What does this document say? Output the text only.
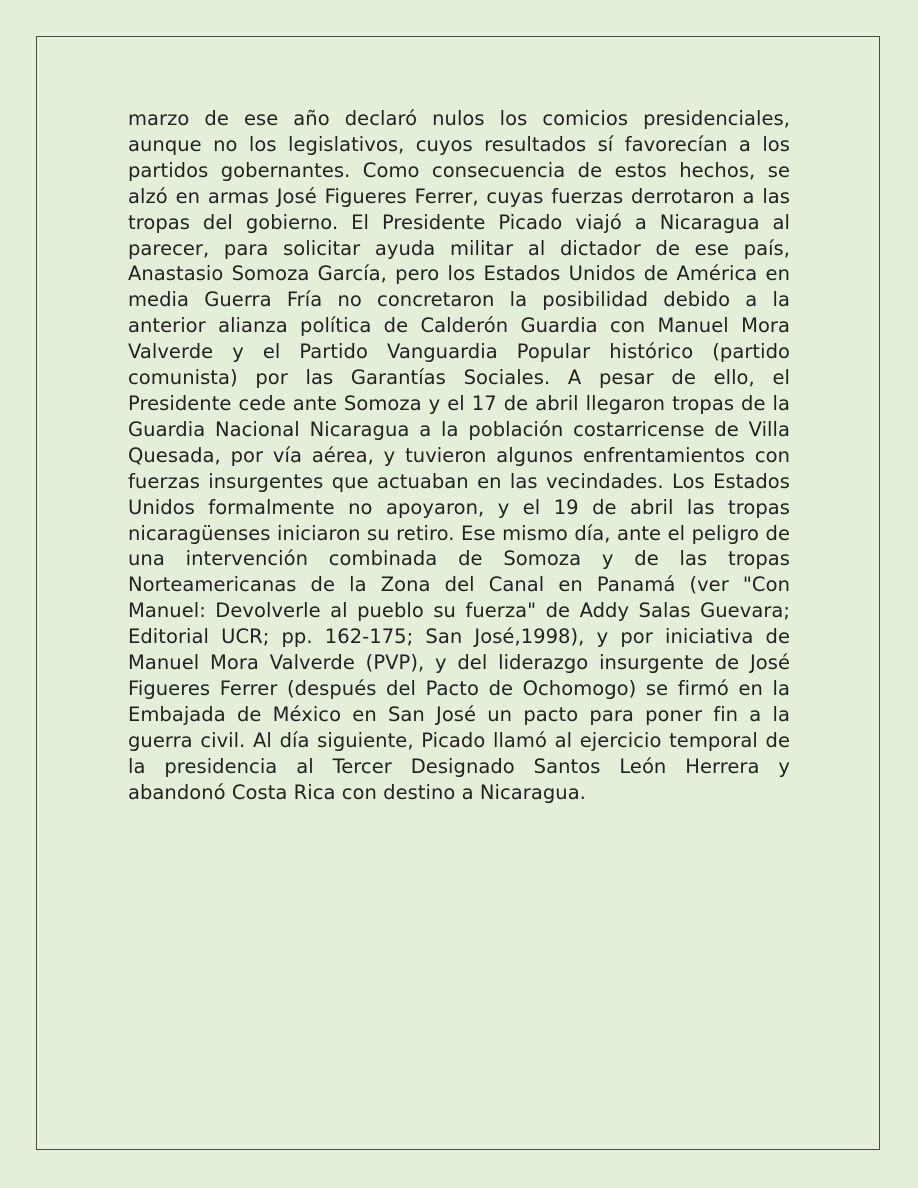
marzo de ese año declaró nulos los comicios presidenciales, aunque no los legislativos, cuyos resultados sí favorecían a los partidos gobernantes. Como consecuencia de estos hechos, se alzó en armas José Figueres Ferrer, cuyas fuerzas derrotaron a las tropas del gobierno. El Presidente Picado viajó a Nicaragua al parecer, para solicitar ayuda militar al dictador de ese país, Anastasio Somoza García, pero los Estados Unidos de América en media Guerra Fría no concretaron la posibilidad debido a la anterior alianza política de Calderón Guardia con Manuel Mora Valverde y el Partido Vanguardia Popular histórico (partido comunista) por las Garantías Sociales. A pesar de ello, el Presidente cede ante Somoza y el 17 de abril llegaron tropas de la Guardia Nacional Nicaragua a la población costarricense de Villa Quesada, por vía aérea, y tuvieron algunos enfrentamientos con fuerzas insurgentes que actuaban en las vecindades. Los Estados Unidos formalmente no apoyaron, y el 19 de abril las tropas nicaragüenses iniciaron su retiro. Ese mismo día, ante el peligro de una intervención combinada de Somoza y de las tropas Norteamericanas de la Zona del Canal en Panamá (ver "Con Manuel: Devolverle al pueblo su fuerza" de Addy Salas Guevara; Editorial UCR; pp. 162-175; San José,1998), y por iniciativa de Manuel Mora Valverde (PVP), y del liderazgo insurgente de José Figueres Ferrer (después del Pacto de Ochomogo) se firmó en la Embajada de México en San José un pacto para poner fin a la guerra civil. Al día siguiente, Picado llamó al ejercicio temporal de la presidencia al Tercer Designado Santos León Herrera y abandonó Costa Rica con destino a Nicaragua.
